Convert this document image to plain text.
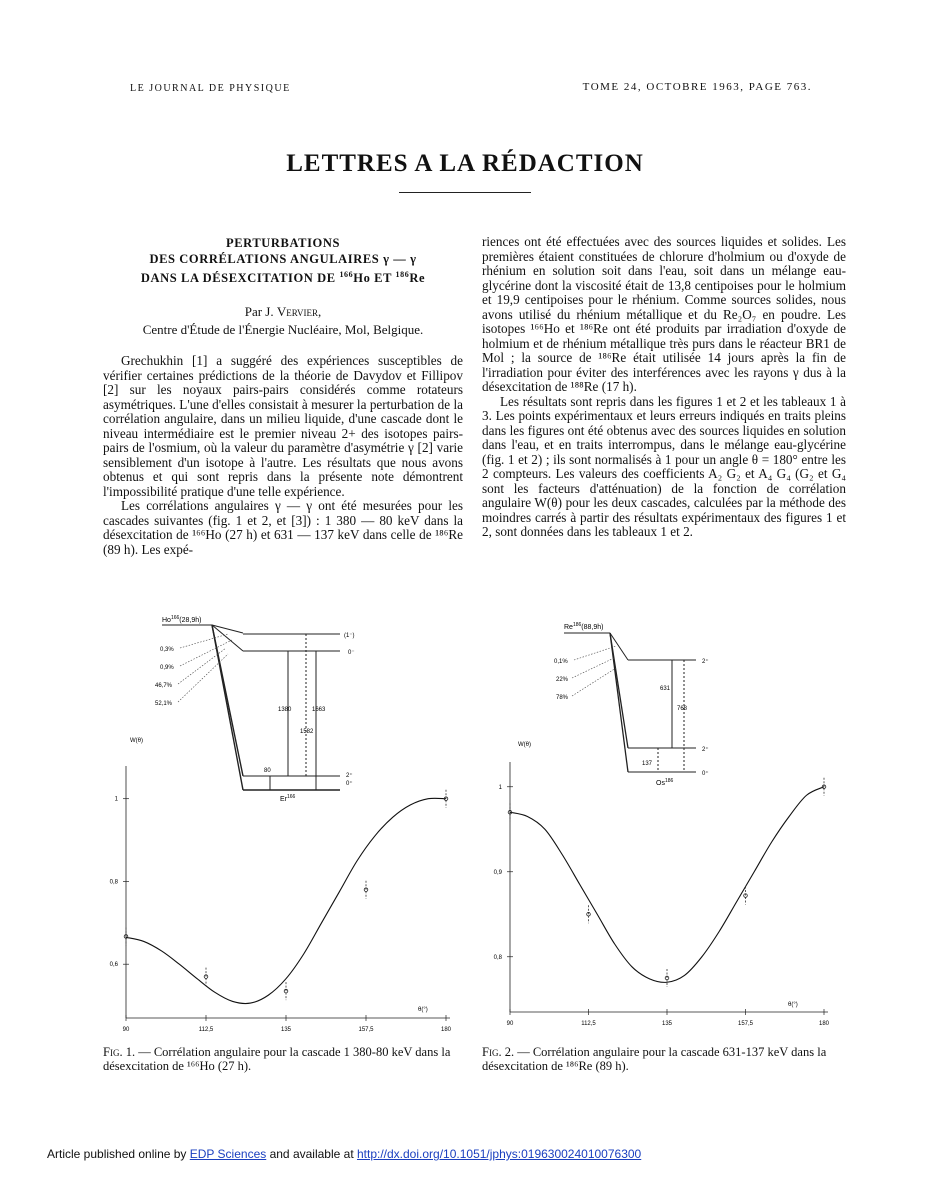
LE JOURNAL DE PHYSIQUE	TOME 24, OCTOBRE 1963, PAGE 763.
LETTRES A LA RÉDACTION
PERTURBATIONS
DES CORRÉLATIONS ANGULAIRES γ — γ
DANS LA DÉSEXCITATION DE $^{166}$Ho ET $^{186}$Re
Par J. Vervier,
Centre d'Étude de l'Énergie Nucléaire, Mol, Belgique.

Grechukhin [1] a suggéré des expériences susceptibles de vérifier certaines prédictions de la théorie de Davydov et Fillipov [2] sur les noyaux pairs-pairs considérés comme rotateurs asymétriques. L'une d'elles consistait à mesurer la perturbation de la corrélation angulaire, dans un milieu liquide, d'une cascade dont le niveau intermédiaire est le premier niveau 2+ des isotopes pairs-pairs de l'osmium, où la valeur du paramètre d'asymétrie γ [2] varie sensiblement d'un isotope à l'autre. Les résultats que nous avons obtenus et qui sont repris dans la présente note démontrent l'impossibilité pratique d'une telle expérience.

Les corrélations angulaires γ — γ ont été mesurées pour les cascades suivantes (fig. 1 et 2, et [3]) : 1 380 — 80 keV dans la désexcitation de ¹⁶⁶Ho (27 h) et 631 — 137 keV dans celle de ¹⁸⁶Re (89 h). Les expé-

riences ont été effectuées avec des sources liquides et solides. Les premières étaient constituées de chlorure d'holmium ou d'oxyde de rhénium en solution soit dans l'eau, soit dans un mélange eau-glycérine dont la viscosité était de 13,8 centipoises pour le holmium et 19,9 centipoises pour le rhénium. Comme sources solides, nous avons utilisé du rhénium métallique et du Re₂O₇ en poudre. Les isotopes ¹⁶⁶Ho et ¹⁸⁶Re ont été produits par irradiation d'oxyde de holmium et de rhénium métallique très purs dans le réacteur BR1 de Mol ; la source de ¹⁸⁶Re était utilisée 14 jours après la fin de l'irradiation pour éviter des interférences avec les rayons γ dus à la désexcitation de ¹⁸⁸Re (17 h).

Les résultats sont repris dans les figures 1 et 2 et les tableaux 1 à 3. Les points expérimentaux et leurs erreurs indiqués en traits pleins dans les figures ont été obtenus avec des sources liquides en solution dans l'eau, et en traits interrompus, dans le mélange eau-glycérine (fig. 1 et 2) ; ils sont normalisés à 1 pour un angle θ = 180° entre les 2 compteurs. Les valeurs des coefficients A₂ G₂ et A₄ G₄ (G₂ et G₄ sont les facteurs d'atténuation) de la fonction de corrélation angulaire W(θ) pour les deux cascades, calculées par la méthode des moindres carrés à partir des résultats expérimentaux des figures 1 et 2, sont données dans les tableaux 1 et 2.

Ho$^{166}$(28,9h)
0,3%
0,9%
46,7%
52,1%
(1⁻)
0⁻
1380
1582
1663
80
2⁺
0⁺
Er$^{166}$
W(θ)
θ(°)
90	112,5	135	157,5	180
0,6
0,8
1
Fig. 1. — Corrélation angulaire pour la cascade 1 380-80 keV dans la désexcitation de ¹⁶⁶Ho (27 h).
Re$^{186}$(88,9h)
0,1%
22%
78%
2⁺
631
768
137
2⁺
0⁺
Os$^{186}$
W(θ)
θ(°)
90	112,5	135	157,5	180
0,8
0,9
1
Fig. 2. — Corrélation angulaire pour la cascade 631-137 keV dans la désexcitation de ¹⁸⁶Re (89 h).
Article published online by EDP Sciences and available at http://dx.doi.org/10.1051/jphys:019630024010076300
